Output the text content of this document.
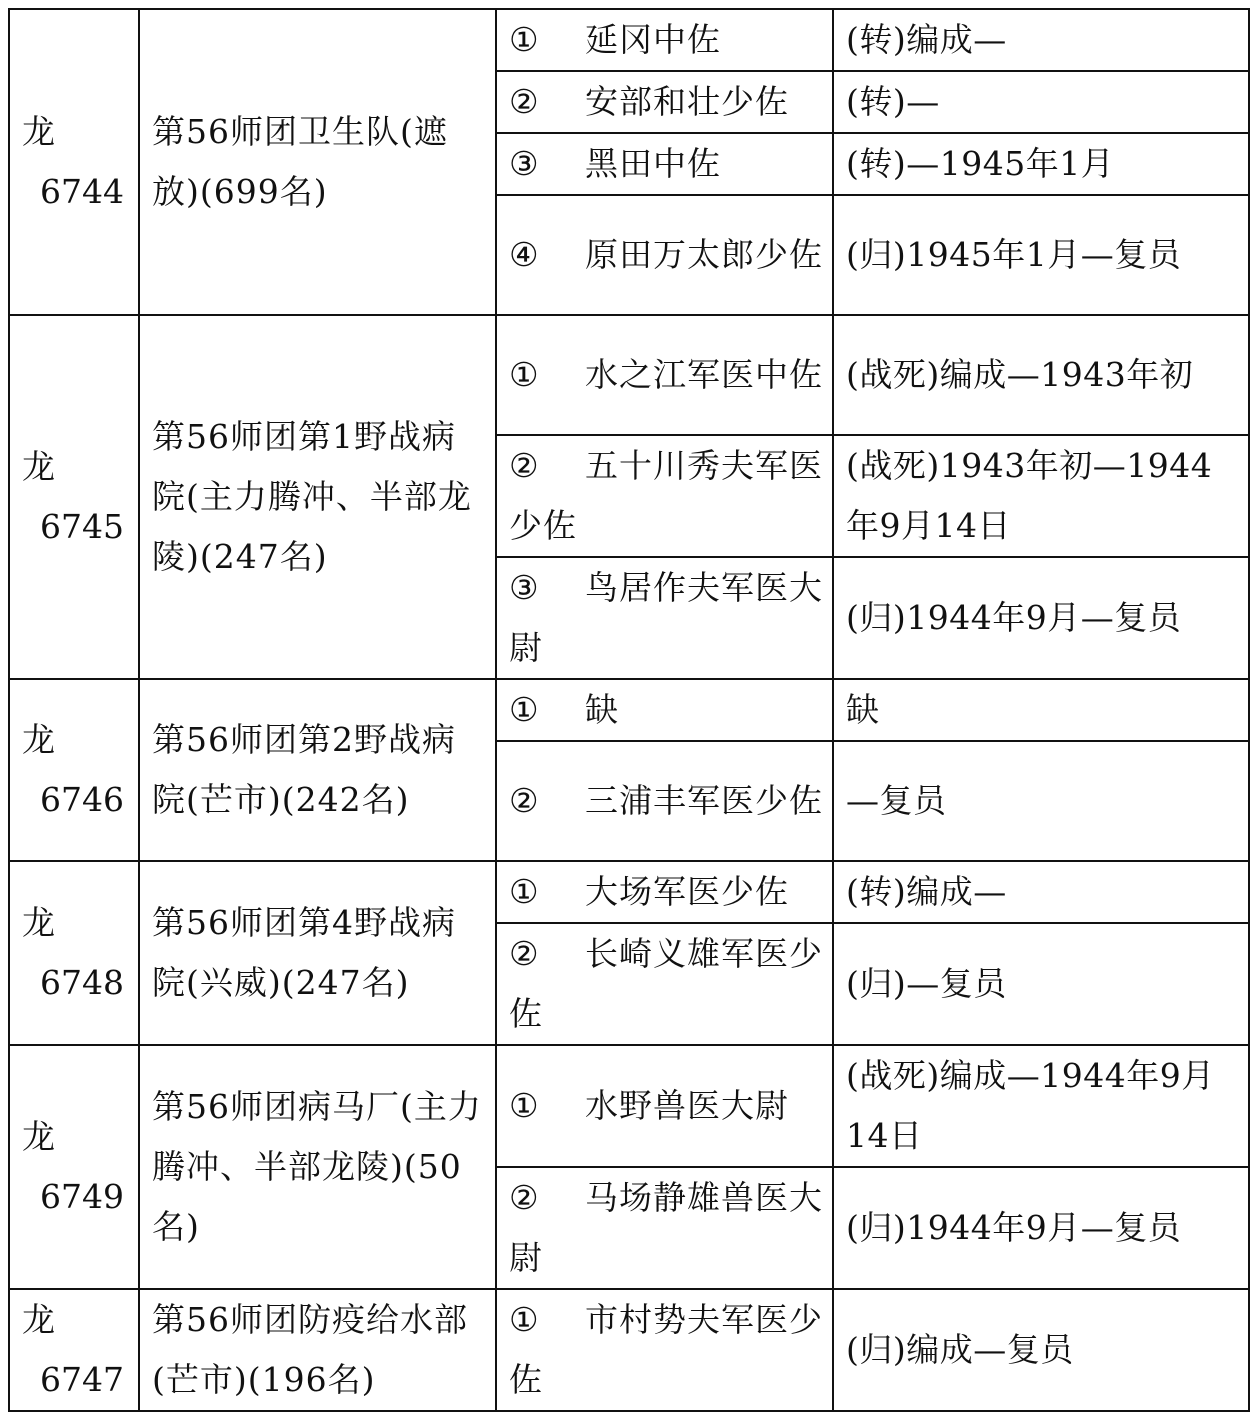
龙
6744	第56师团卫生队(遮放)(699名)	① 延冈中佐	(转)编成—
		② 安部和壮少佐	(转)—
		③ 黑田中佐	(转)—1945年1月
		④ 原田万太郎少佐	(归)1945年1月—复员

龙
6745	第56师团第1野战病院(主力腾冲、半部龙陵)(247名)	① 水之江军医中佐	(战死)编成—1943年初
		② 五十川秀夫军医少佐	(战死)1943年初—1944年9月14日
		③ 鸟居作夫军医大尉	(归)1944年9月—复员

龙
6746	第56师团第2野战病院(芒市)(242名)	① 缺	缺
		② 三浦丰军医少佐	—复员

龙
6748	第56师团第4野战病院(兴威)(247名)	① 大场军医少佐	(转)编成—
		② 长崎义雄军医少佐	(归)—复员

龙
6749	第56师团病马厂(主力腾冲、半部龙陵)(50名)	① 水野兽医大尉	(战死)编成—1944年9月14日
		② 马场静雄兽医大尉	(归)1944年9月—复员

龙
6747	第56师团防疫给水部(芒市)(196名)	① 市村势夫军医少佐	(归)编成—复员
